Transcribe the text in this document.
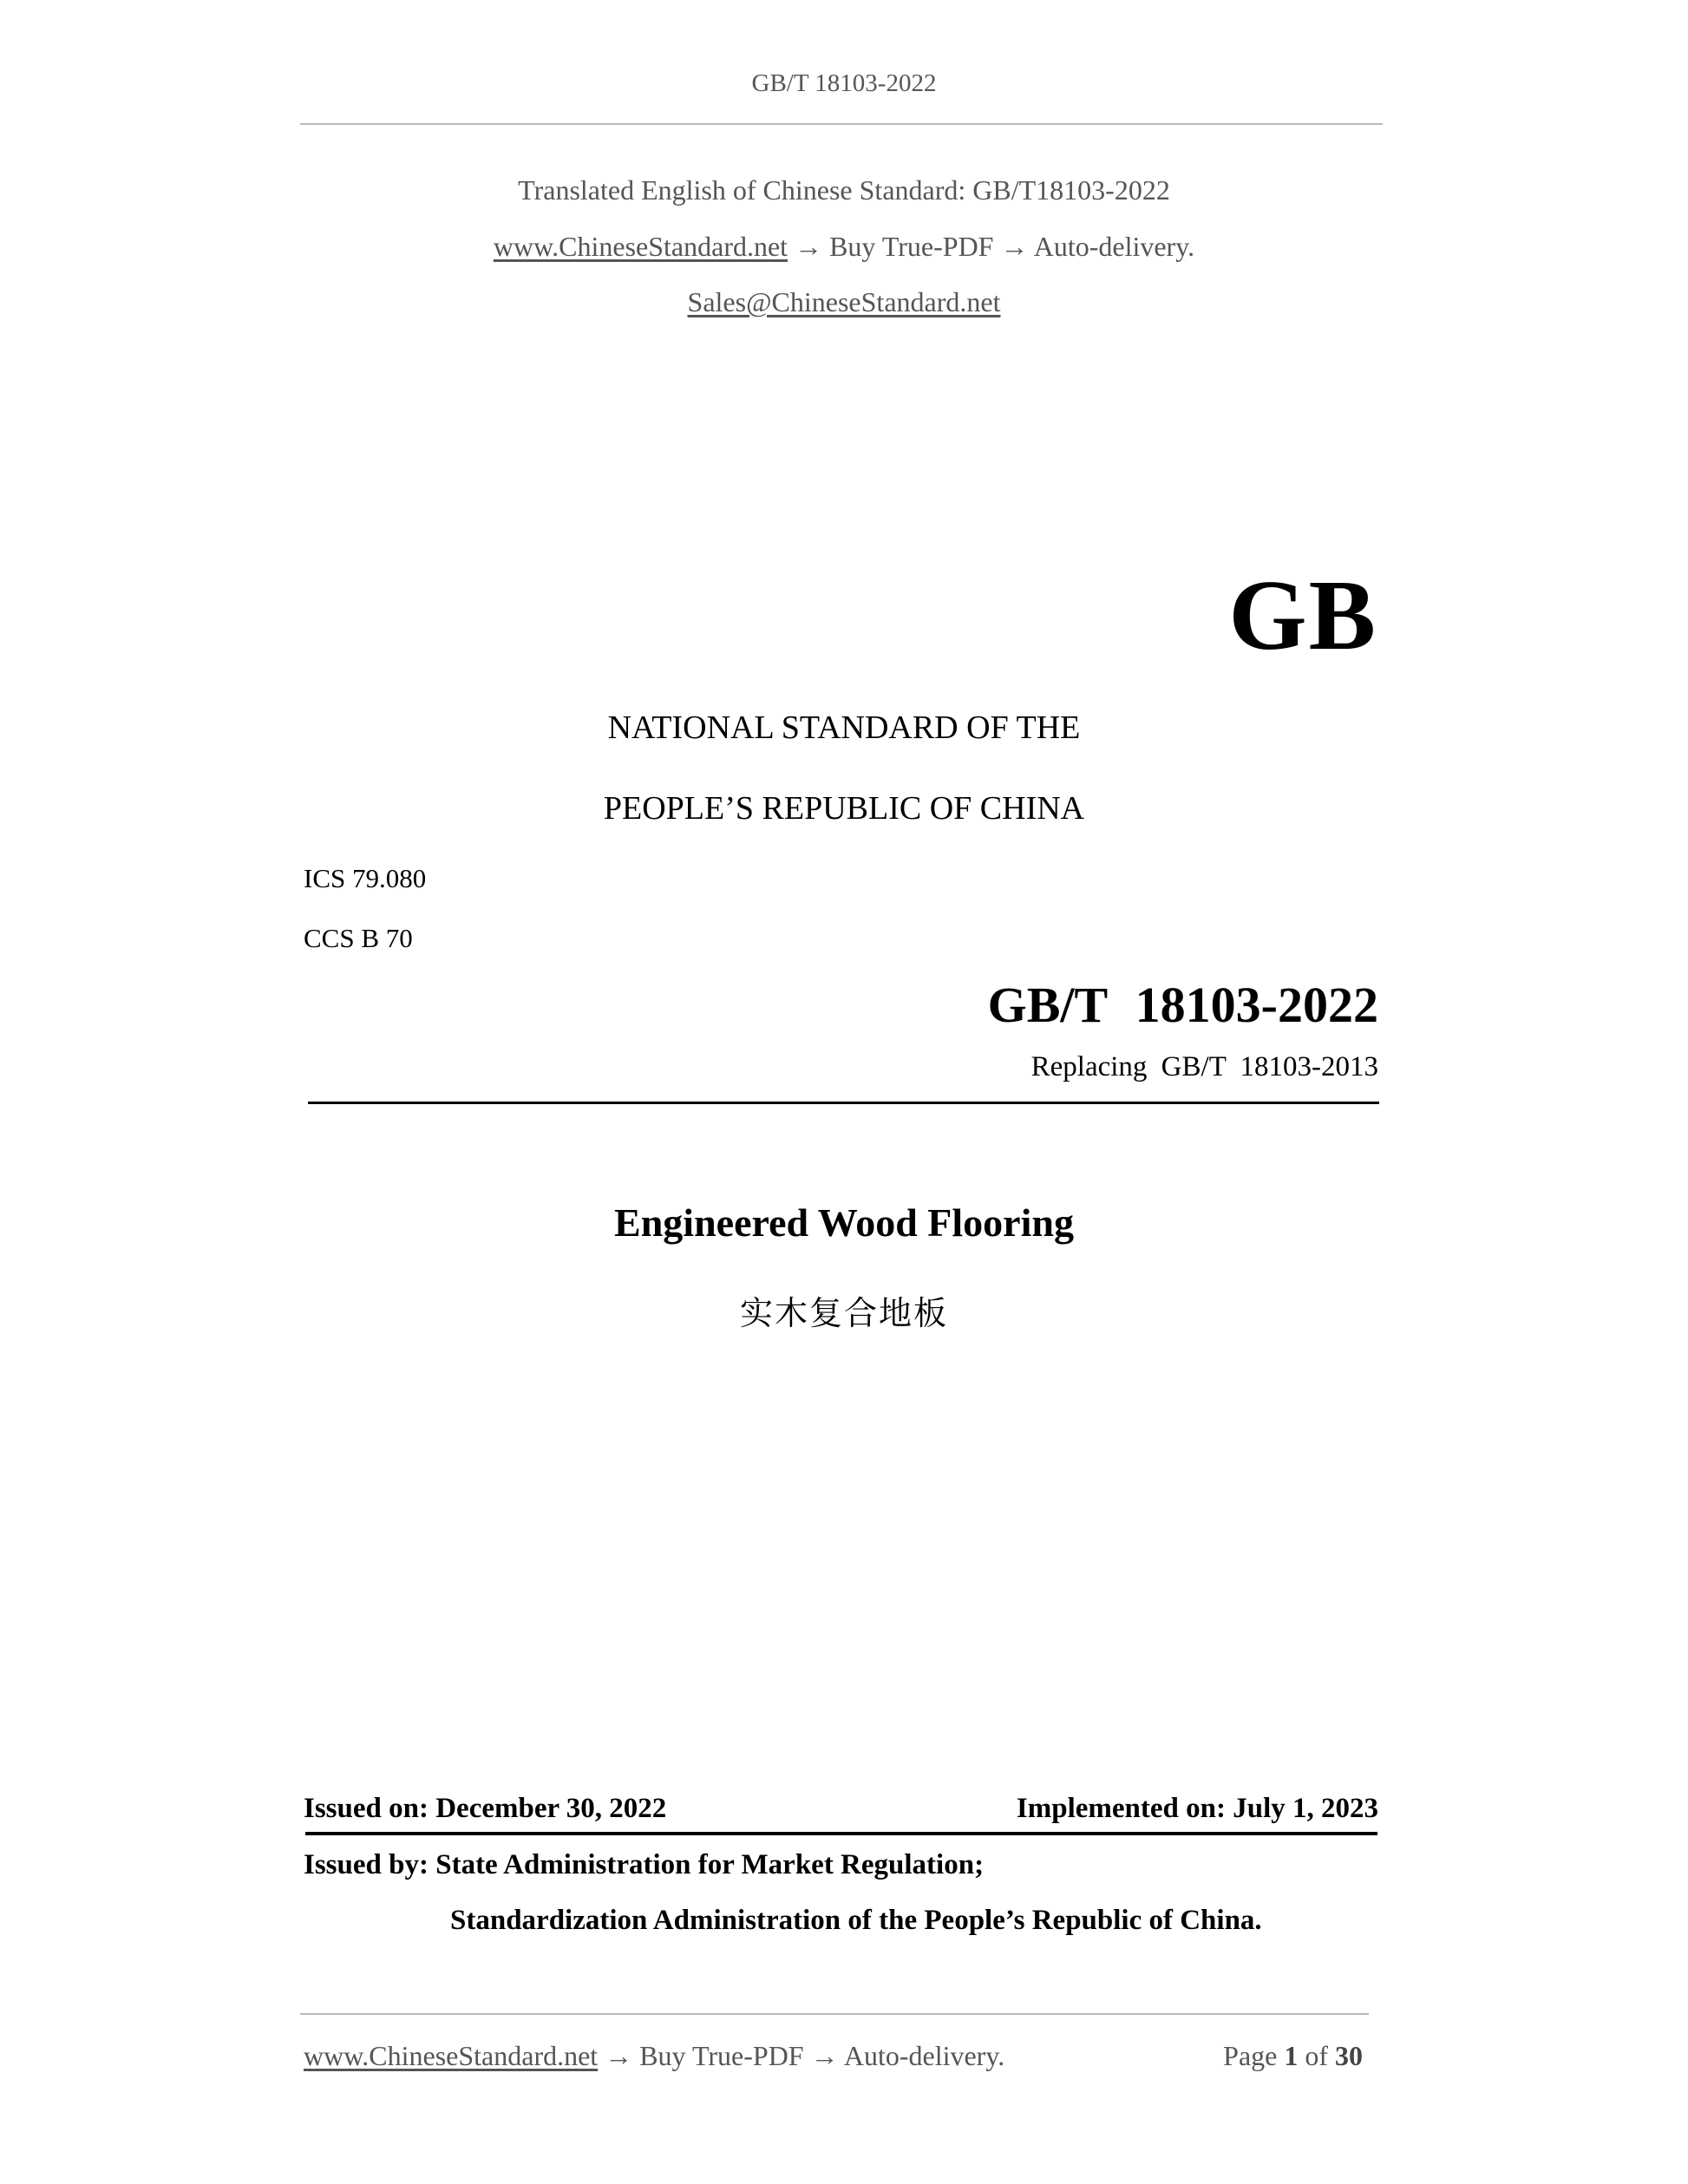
GB/T 18103-2022
Translated English of Chinese Standard: GB/T18103-2022
www.ChineseStandard.net → Buy True-PDF → Auto-delivery.
Sales@ChineseStandard.net
GB
NATIONAL STANDARD OF THE
PEOPLE’S REPUBLIC OF CHINA
ICS 79.080
CCS B 70
GB/T 18103-2022
Replacing GB/T 18103-2013
Engineered Wood Flooring
实木复合地板
Issued on: December 30, 2022	Implemented on: July 1, 2023
Issued by: State Administration for Market Regulation;
Standardization Administration of the People’s Republic of China.
www.ChineseStandard.net → Buy True-PDF → Auto-delivery.	Page 1 of 30
